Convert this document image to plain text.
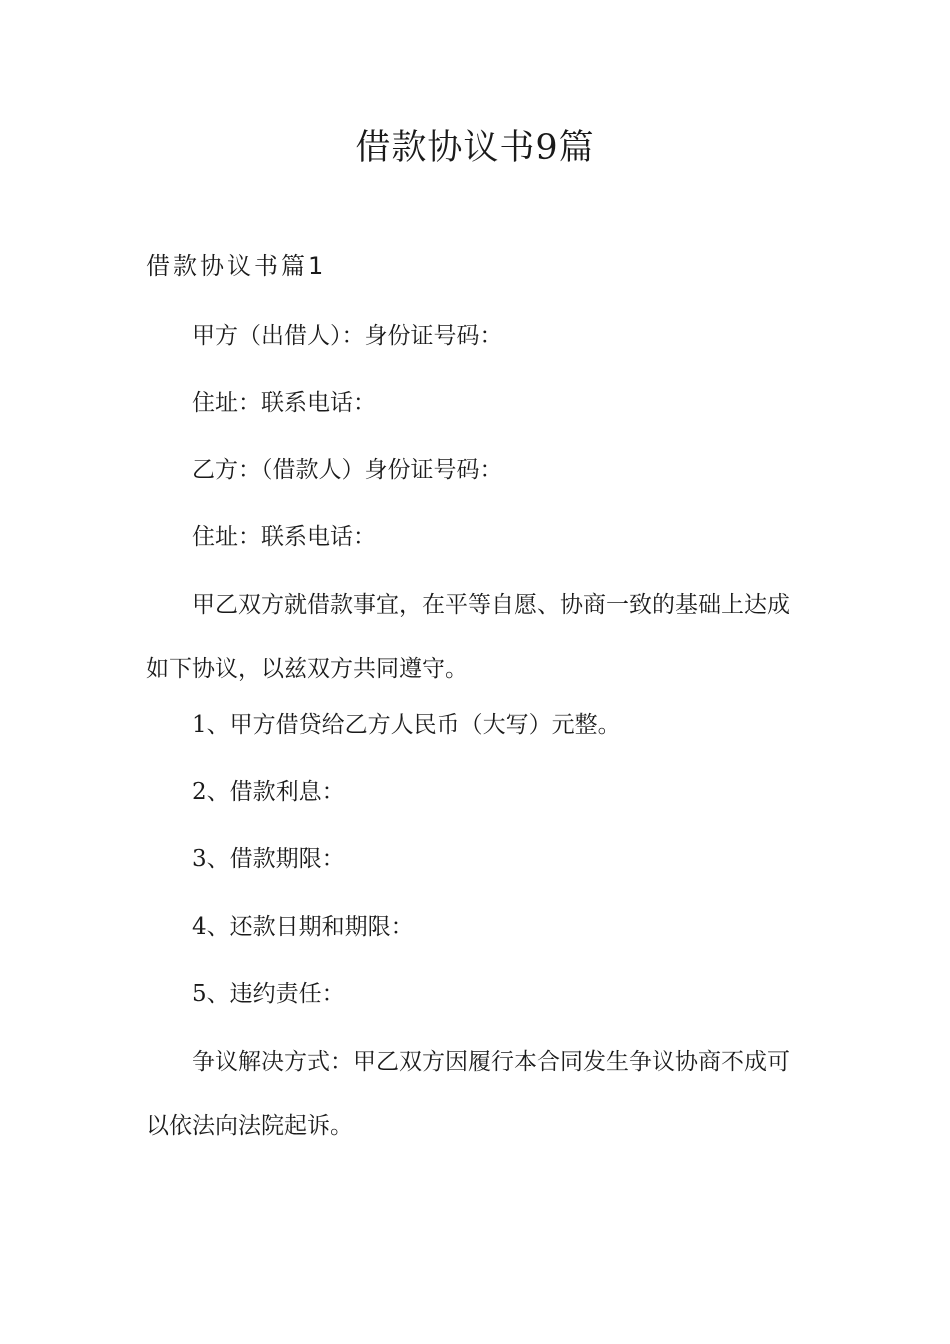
借款协议书9篇
借款协议书篇1

甲方（出借人）：身份证号码：

住址：联系电话：

乙方：（借款人）身份证号码：

住址：联系电话：

甲乙双方就借款事宜，在平等自愿、协商一致的基础上达成如下协议，以兹双方共同遵守。

1、甲方借贷给乙方人民币（大写）元整。

2、借款利息：

3、借款期限：

4、还款日期和期限：

5、违约责任：

争议解决方式：甲乙双方因履行本合同发生争议协商不成可以依法向法院起诉。
